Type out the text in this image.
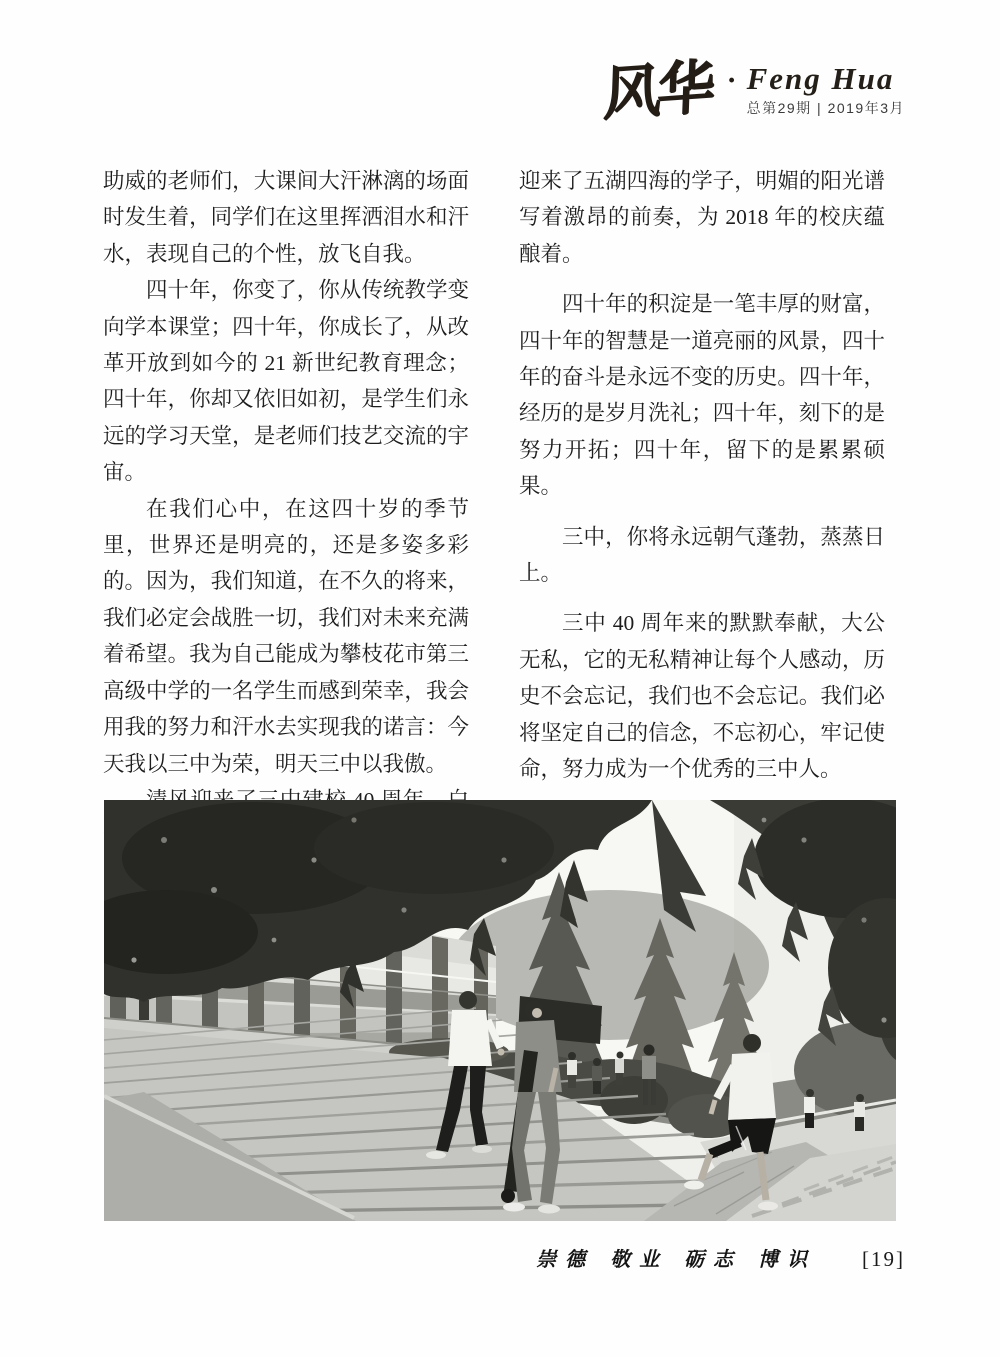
风华 · Feng Hua
总第29期 | 2019年3月

助威的老师们，大课间大汗淋漓的场面时发生着，同学们在这里挥洒泪水和汗水，表现自己的个性，放飞自我。

四十年，你变了，你从传统教学变向学本课堂；四十年，你成长了，从改革开放到如今的 21 新世纪教育理念；四十年，你却又依旧如初，是学生们永远的学习天堂，是老师们技艺交流的宇宙。

在我们心中，在这四十岁的季节里，世界还是明亮的，还是多姿多彩的。因为，我们知道，在不久的将来，我们必定会战胜一切，我们对未来充满着希望。我为自己能成为攀枝花市第三高级中学的一名学生而感到荣幸，我会用我的努力和汗水去实现我的诺言：今天我以三中为荣，明天三中以我傲。

迎来了五湖四海的学子，明媚的阳光谱写着激昂的前奏，为 2018 年的校庆蕴酿着。

四十年的积淀是一笔丰厚的财富，四十年的智慧是一道亮丽的风景，四十年的奋斗是永远不变的历史。四十年，经历的是岁月洗礼；四十年，刻下的是努力开拓；四十年，留下的是累累硕果。

三中，你将永远朝气蓬勃，蒸蒸日上。

三中 40 周年来的默默奉献，大公无私，它的无私精神让每个人感动，历史不会忘记，我们也不会忘记。我们必将坚定自己的信念，不忘初心，牢记使命，努力成为一个优秀的三中人。

崇德 敬业 砺志 博识 [19]
